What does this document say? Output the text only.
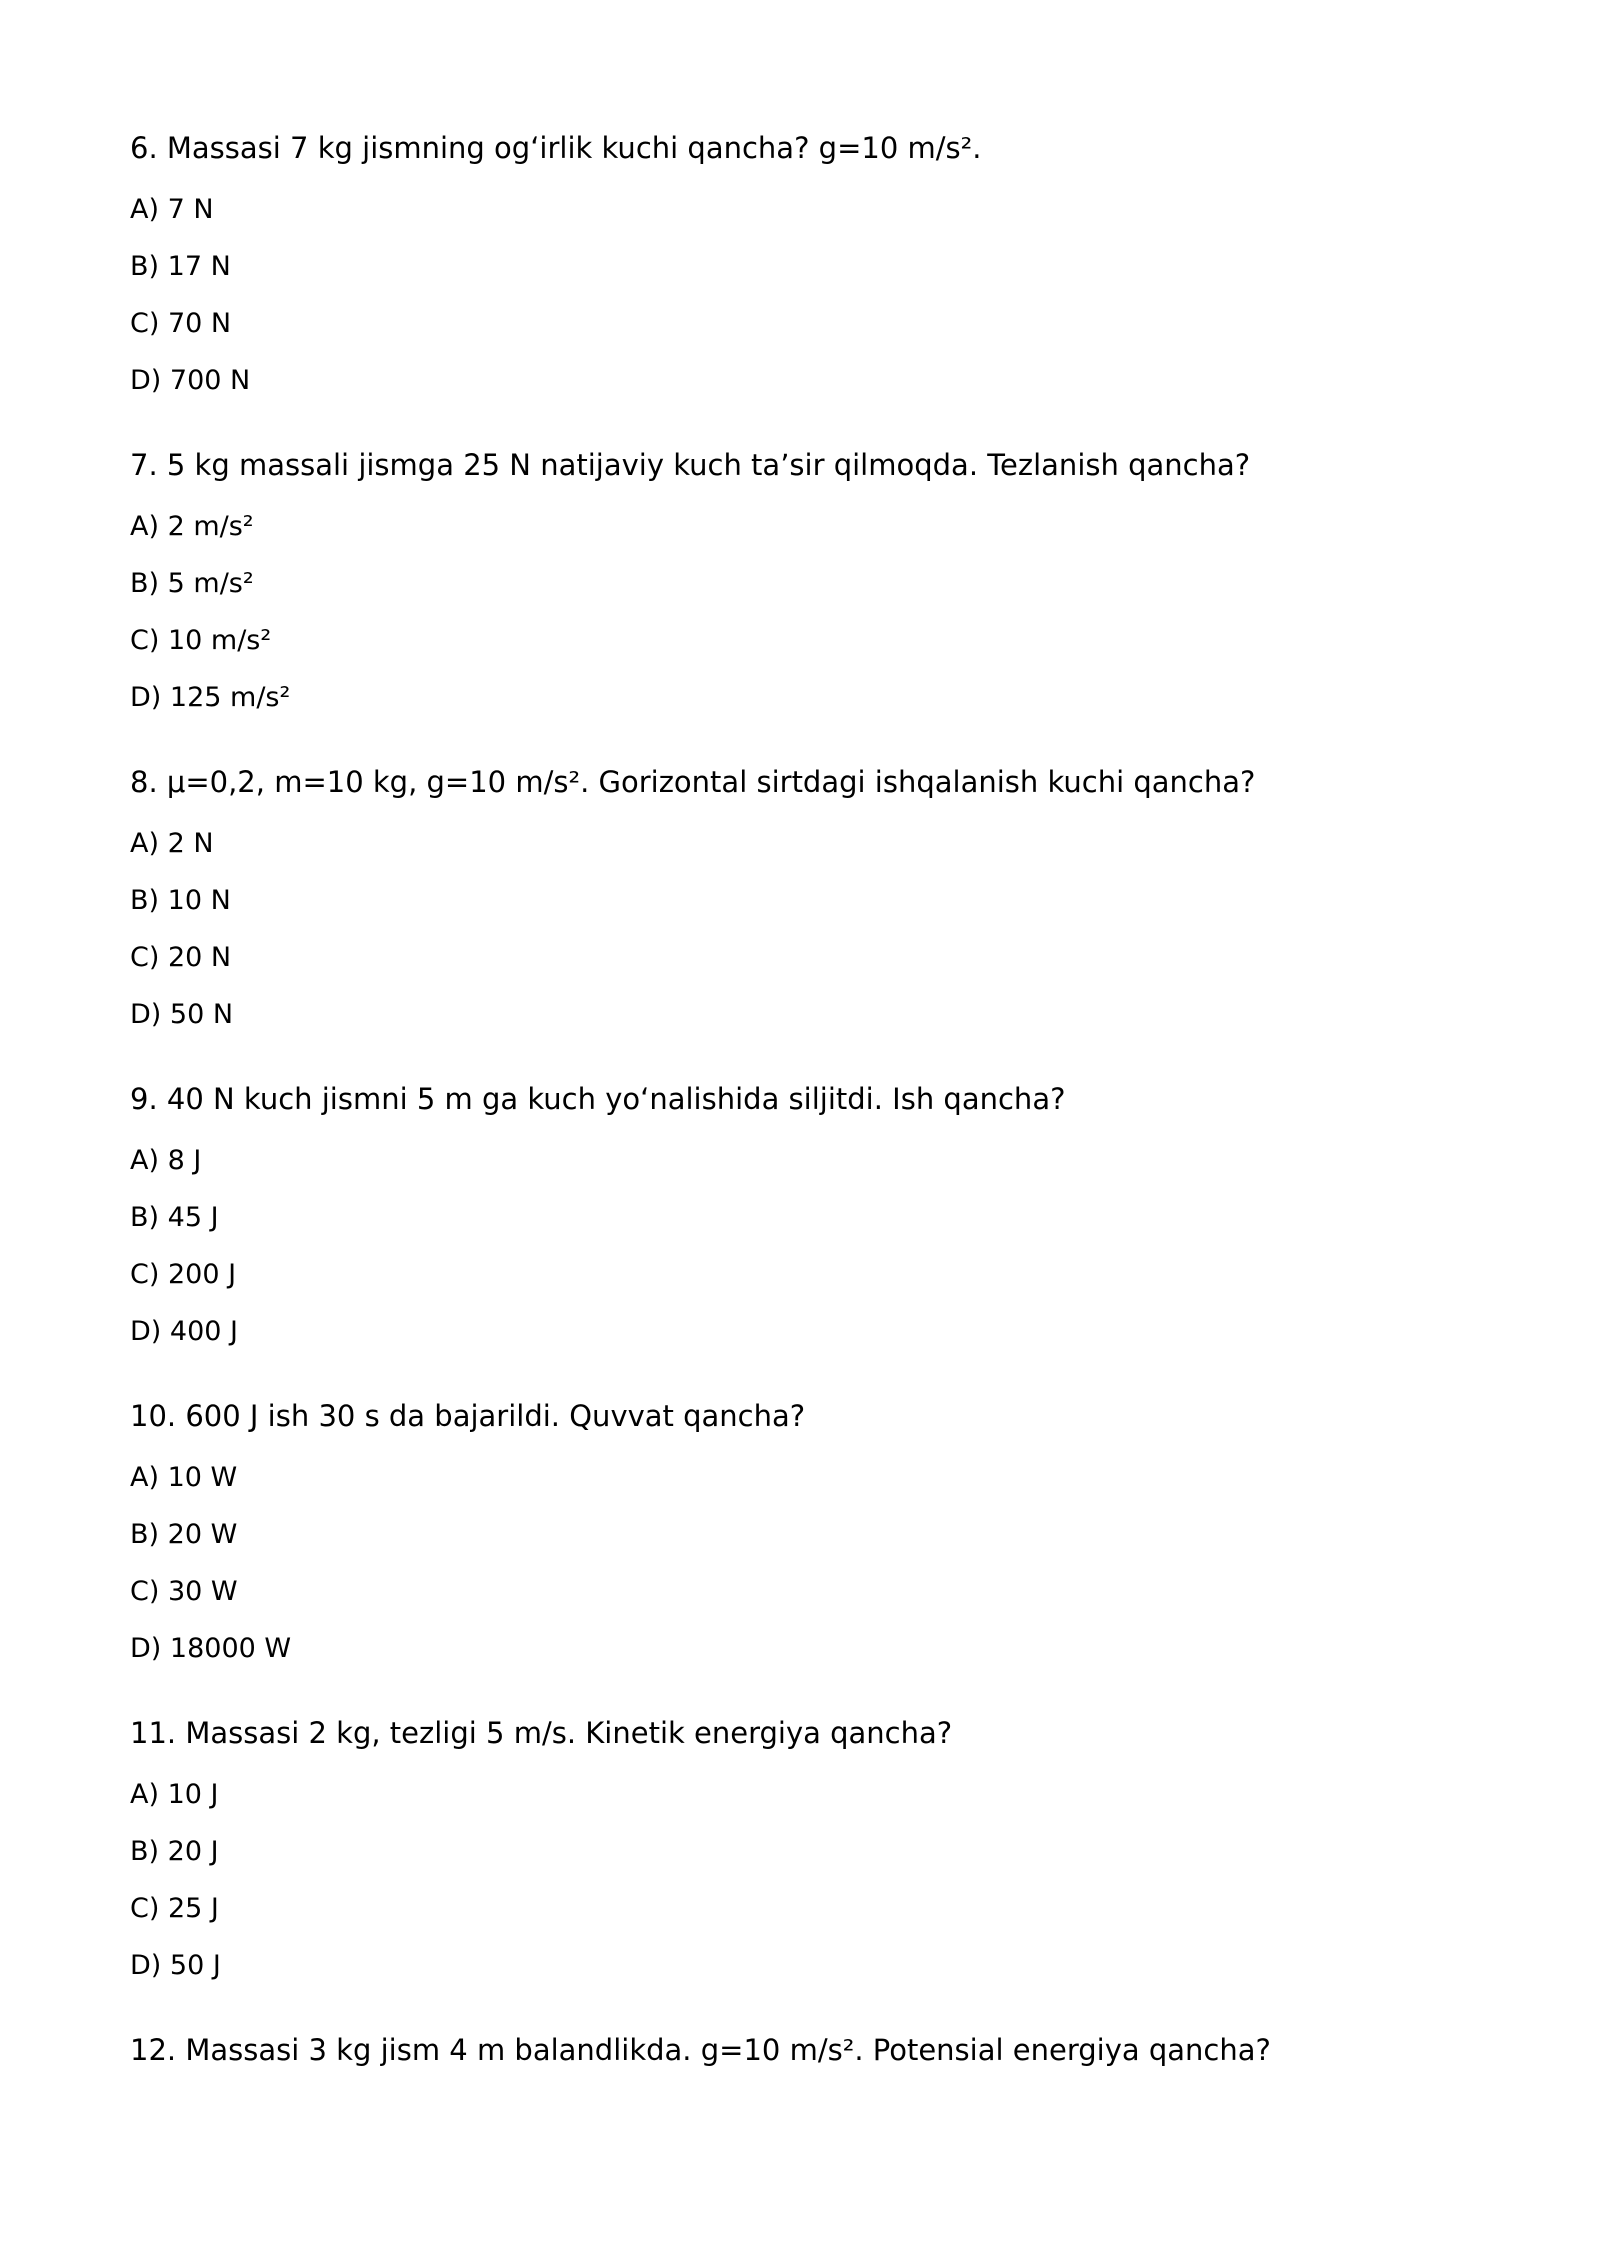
6. Massasi 7 kg jismning og‘irlik kuchi qancha? g=10 m/s².

A) 7 N
B) 17 N
C) 70 N
D) 700 N

7. 5 kg massali jismga 25 N natijaviy kuch ta’sir qilmoqda. Tezlanish qancha?

A) 2 m/s²
B) 5 m/s²
C) 10 m/s²
D) 125 m/s²

8. μ=0,2, m=10 kg, g=10 m/s². Gorizontal sirtdagi ishqalanish kuchi qancha?

A) 2 N
B) 10 N
C) 20 N
D) 50 N

9. 40 N kuch jismni 5 m ga kuch yo‘nalishida siljitdi. Ish qancha?

A) 8 J
B) 45 J
C) 200 J
D) 400 J

10. 600 J ish 30 s da bajarildi. Quvvat qancha?

A) 10 W
B) 20 W
C) 30 W
D) 18000 W

11. Massasi 2 kg, tezligi 5 m/s. Kinetik energiya qancha?

A) 10 J
B) 20 J
C) 25 J
D) 50 J

12. Massasi 3 kg jism 4 m balandlikda. g=10 m/s². Potensial energiya qancha?
